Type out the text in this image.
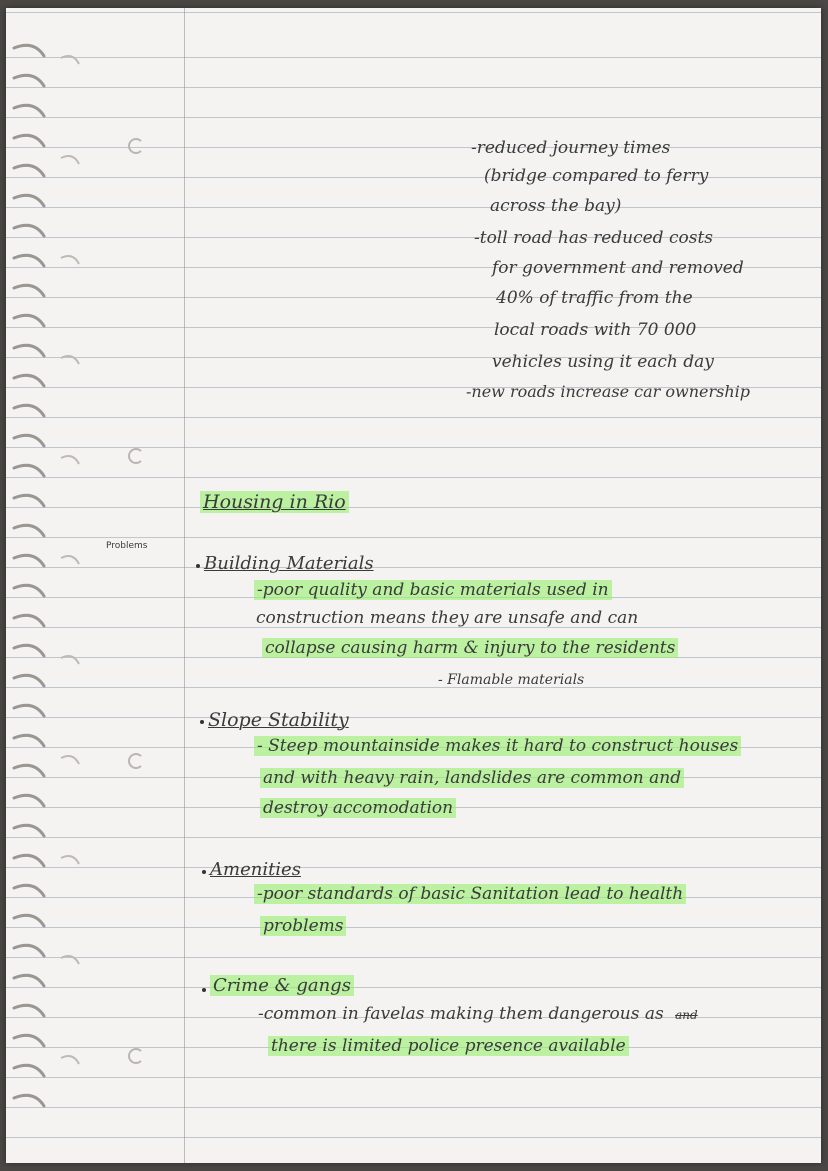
-reduced journey times
(bridge compared to ferry
across the bay)
-toll road has reduced costs
for government and removed
40% of traffic from the
local roads with 70 000
vehicles using it each day
-new roads increase car ownership
Housing in Rio
Problems
Building Materials
-poor quality and basic materials used in
construction means they are unsafe and can
collapse causing harm & injury to the residents
- Flamable materials
Slope Stability
- Steep mountainside makes it hard to construct houses
and with heavy rain, landslides are common and
destroy accomodation
Amenities
-poor standards of basic Sanitation lead to health
problems
Crime & gangs
-common in favelas making them dangerous as and
there is limited police presence available
